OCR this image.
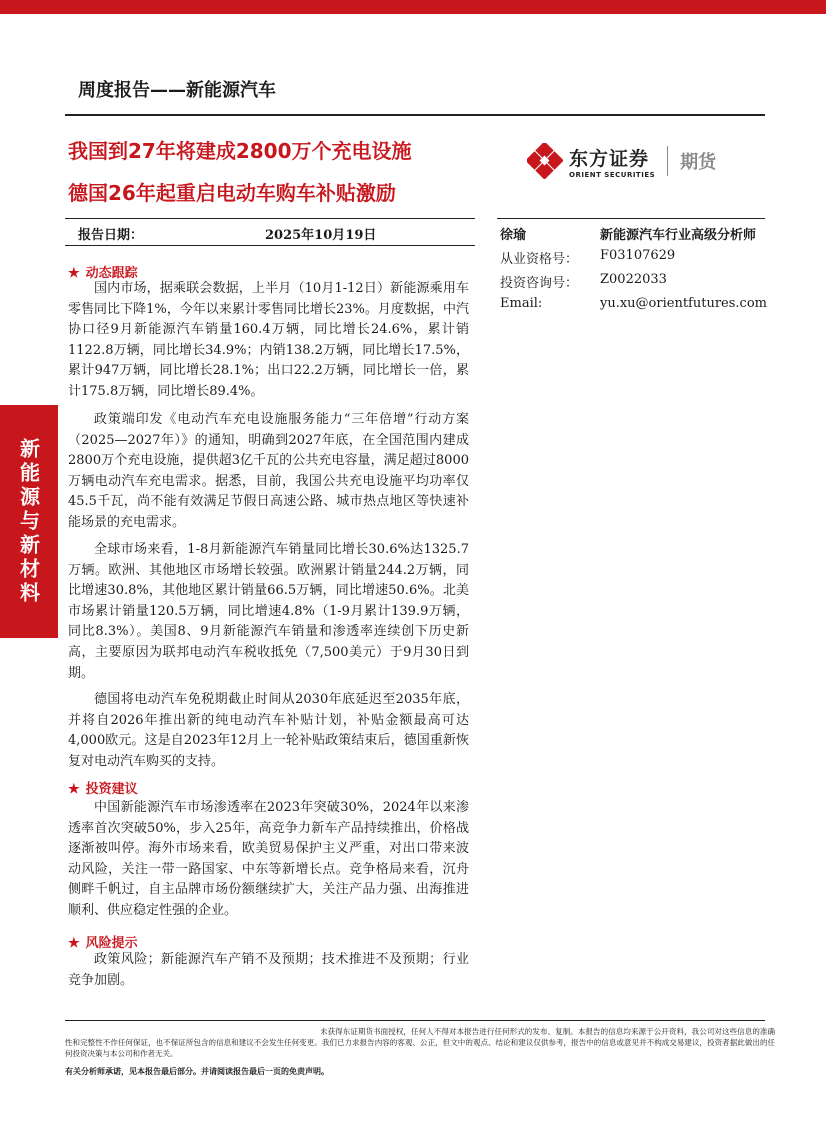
新能源与新材料
周度报告——新能源汽车
我国到27年将建成2800万个充电设施
德国26年起重启电动车购车补贴激励
东方证券
ORIENT SECURITIES
期货
报告日期：	2025年10月19日	徐瑜	新能源汽车行业高级分析师
从业资格号： F03107629
投资咨询号： Z0022033
Email:	yu.xu@orientfutures.com
★ 动态跟踪
国内市场，据乘联会数据，上半月（10月1-12日）新能源乘用车零售同比下降1%，今年以来累计零售同比增长23%。月度数据，中汽协口径9月新能源汽车销量160.4万辆，同比增长24.6%，累计销1122.8万辆，同比增长34.9%；内销138.2万辆，同比增长17.5%，累计947万辆，同比增长28.1%；出口22.2万辆，同比增长一倍，累计175.8万辆，同比增长89.4%。
政策端印发《电动汽车充电设施服务能力“三年倍增”行动方案（2025—2027年）》的通知，明确到2027年底，在全国范围内建成2800万个充电设施，提供超3亿千瓦的公共充电容量，满足超过8000万辆电动汽车充电需求。据悉，目前，我国公共充电设施平均功率仅45.5千瓦，尚不能有效满足节假日高速公路、城市热点地区等快速补能场景的充电需求。
全球市场来看，1-8月新能源汽车销量同比增长30.6%达1325.7万辆。欧洲、其他地区市场增长较强。欧洲累计销量244.2万辆，同比增速30.8%，其他地区累计销量66.5万辆，同比增速50.6%。北美市场累计销量120.5万辆，同比增速4.8%（1-9月累计139.9万辆，同比8.3%）。美国8、9月新能源汽车销量和渗透率连续创下历史新高，主要原因为联邦电动汽车税收抵免（7,500美元）于9月30日到期。
德国将电动汽车免税期截止时间从2030年底延迟至2035年底，并将自2026年推出新的纯电动汽车补贴计划，补贴金额最高可达4,000欧元。这是自2023年12月上一轮补贴政策结束后，德国重新恢复对电动汽车购买的支持。
★ 投资建议
中国新能源汽车市场渗透率在2023年突破30%，2024年以来渗透率首次突破50%，步入25年，高竞争力新车产品持续推出，价格战逐渐被叫停。海外市场来看，欧美贸易保护主义严重，对出口带来波动风险，关注一带一路国家、中东等新增长点。竞争格局来看，沉舟侧畔千帆过，自主品牌市场份额继续扩大，关注产品力强、出海推进顺利、供应稳定性强的企业。
★ 风险提示
政策风险；新能源汽车产销不及预期；技术推进不及预期；行业竞争加剧。
未获得东证期货书面授权，任何人不得对本报告进行任何形式的发布、复制。本报告的信息均来源于公开资料，我公司对这些信息的准确性和完整性不作任何保证，也不保证所包含的信息和建议不会发生任何变更。我们已力求报告内容的客观、公正，但文中的观点、结论和建议仅供参考，报告中的信息或意见并不构成交易建议，投资者据此做出的任何投资决策与本公司和作者无关。
有关分析师承诺，见本报告最后部分。并请阅读报告最后一页的免责声明。
